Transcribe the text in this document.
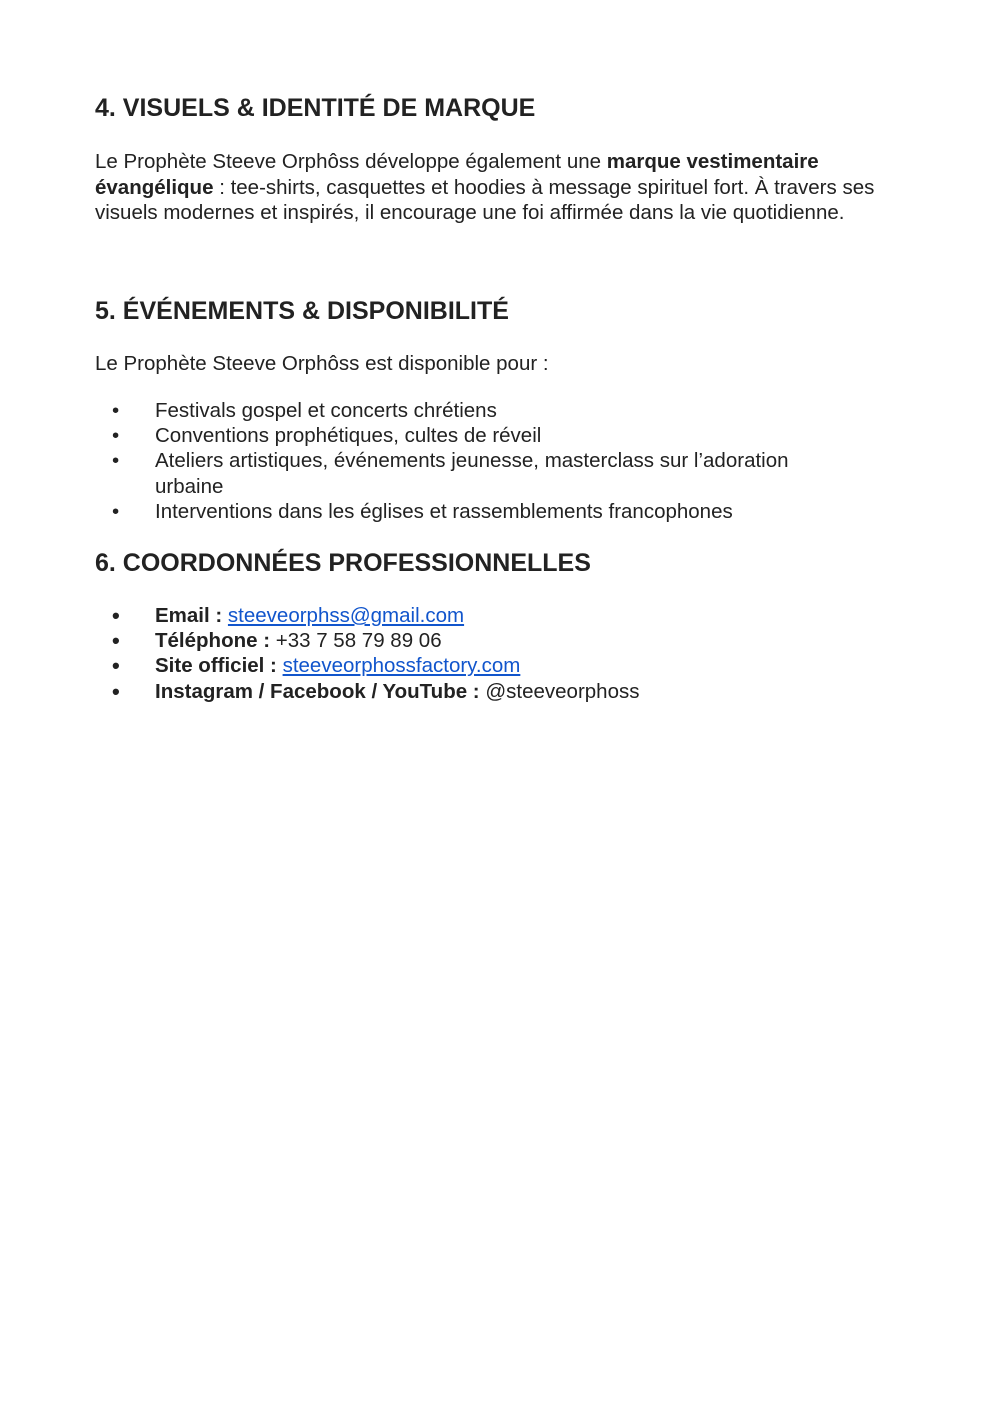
4. VISUELS & IDENTITÉ DE MARQUE

Le Prophète Steeve Orphôss développe également une marque vestimentaire évangélique : tee-shirts, casquettes et hoodies à message spirituel fort. À travers ses visuels modernes et inspirés, il encourage une foi affirmée dans la vie quotidienne.

5. ÉVÉNEMENTS & DISPONIBILITÉ

Le Prophète Steeve Orphôss est disponible pour :

• Festivals gospel et concerts chrétiens
• Conventions prophétiques, cultes de réveil
• Ateliers artistiques, événements jeunesse, masterclass sur l’adoration urbaine
• Interventions dans les églises et rassemblements francophones
6. COORDONNÉES PROFESSIONNELLES
• Email : steeveorphss@gmail.com
• Téléphone : +33 7 58 79 89 06
• Site officiel : steeveorphossfactory.com
• Instagram / Facebook / YouTube : @steeveorphoss
